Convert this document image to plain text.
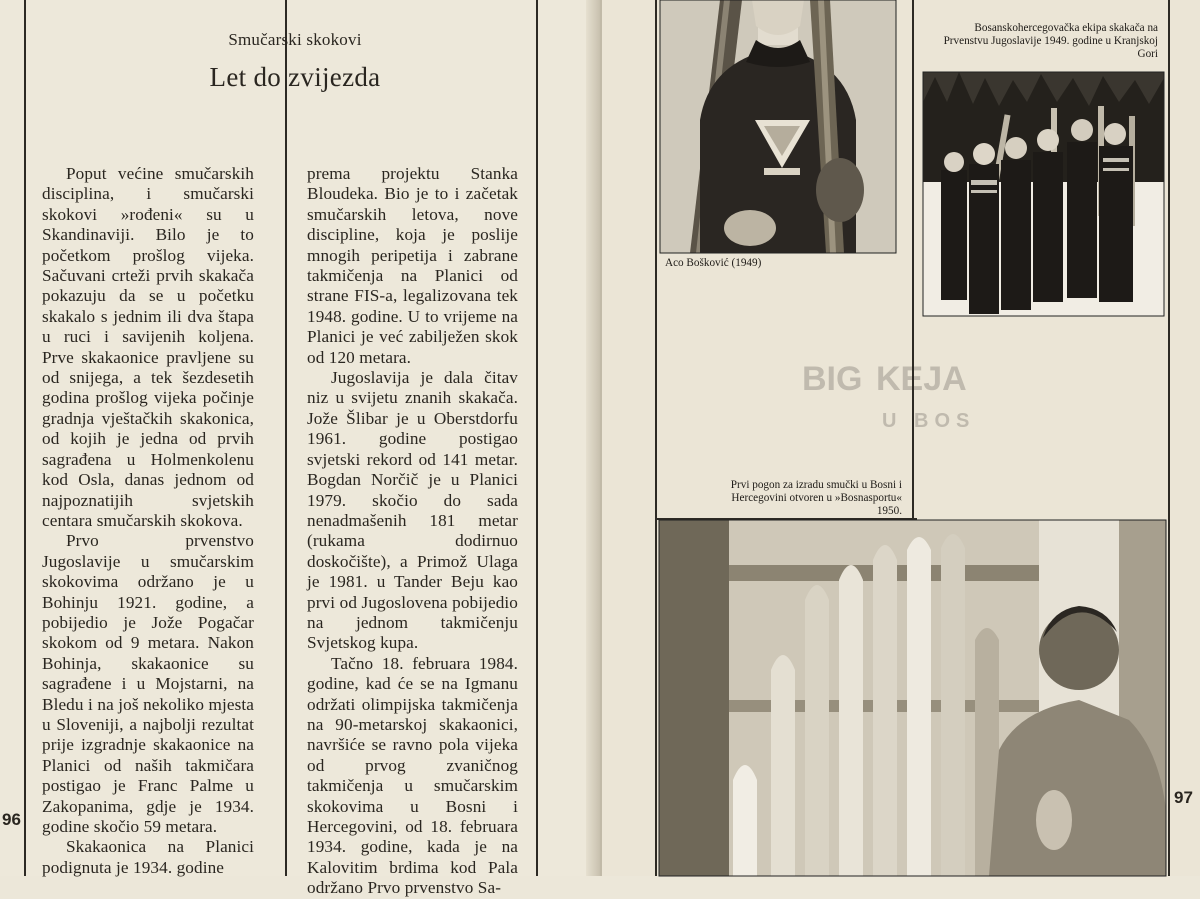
Smučarski skokovi
Let do zvijezda

Poput većine smučarskih disciplina, i smučarski skokovi »rođeni« su u Skandinaviji. Bilo je to početkom prošlog vijeka. Sačuvani crteži prvih skakača pokazuju da se u početku skakalo s jednim ili dva štapa u ruci i savijenih koljena. Prve skakaonice pravljene su od snijega, a tek šezdesetih godina prošlog vijeka počinje gradnja vještačkih skakonica, od kojih je jedna od prvih sagrađena u Holmenkolenu kod Osla, danas jednom od najpoznatijih svjetskih centara smučarskih skokova.

Prvo prvenstvo Jugoslavije u smučarskim skokovima održano je u Bohinju 1921. godine, a pobijedio je Jože Pogačar skokom od 9 metara. Nakon Bohinja, skakaonice su sagrađene i u Mojstarni, na Bledu i na još nekoliko mjesta u Sloveniji, a najbolji rezultat prije izgradnje skakaonice na Planici od naših takmičara postigao je Franc Palme u Zakopanima, gdje je 1934. godine skočio 59 metara.

Skakaonica na Planici podignuta je 1934. godine

prema projektu Stanka Bloudeka. Bio je to i začetak smučarskih letova, nove discipline, koja je poslije mnogih peripetija i zabrane takmičenja na Planici od strane FIS-a, legalizovana tek 1948. godine. U to vrijeme na Planici je već zabilježen skok od 120 metara.

Jugoslavija je dala čitav niz u svijetu znanih skakača. Jože Šlibar je u Oberstdorfu 1961. godine postigao svjetski rekord od 141 metar. Bogdan Norčič je u Planici 1979. skočio do sada nenadmašenih 181 metar (rukama dodirnuo doskočište), a Primož Ulaga je 1981. u Tander Beju kao prvi od Jugoslovena pobijedio na jednom takmičenju Svjetskog kupa.

Tačno 18. februara 1984. godine, kad će se na Igmanu održati olimpijska takmičenja na 90-metarskoj skakaonici, navršiće se ravno pola vijeka od prvog zvaničnog takmičenja u smučarskim skokovima u Bosni i Hercegovini, od 18. februara 1934. godine, kada je na Kalovitim brdima kod Pala održano Prvo prvenstvo Sa-

96
Aco Bošković (1949)
BIG KEJA
U BOS
Bosanskohercegovačka ekipa skakača na Prvenstvu Jugoslavije 1949. godine u Kranjskoj Gori
Prvi pogon za izradu smučki u Bosni i Hercegovini otvoren u »Bosnasportu« 1950.
97
